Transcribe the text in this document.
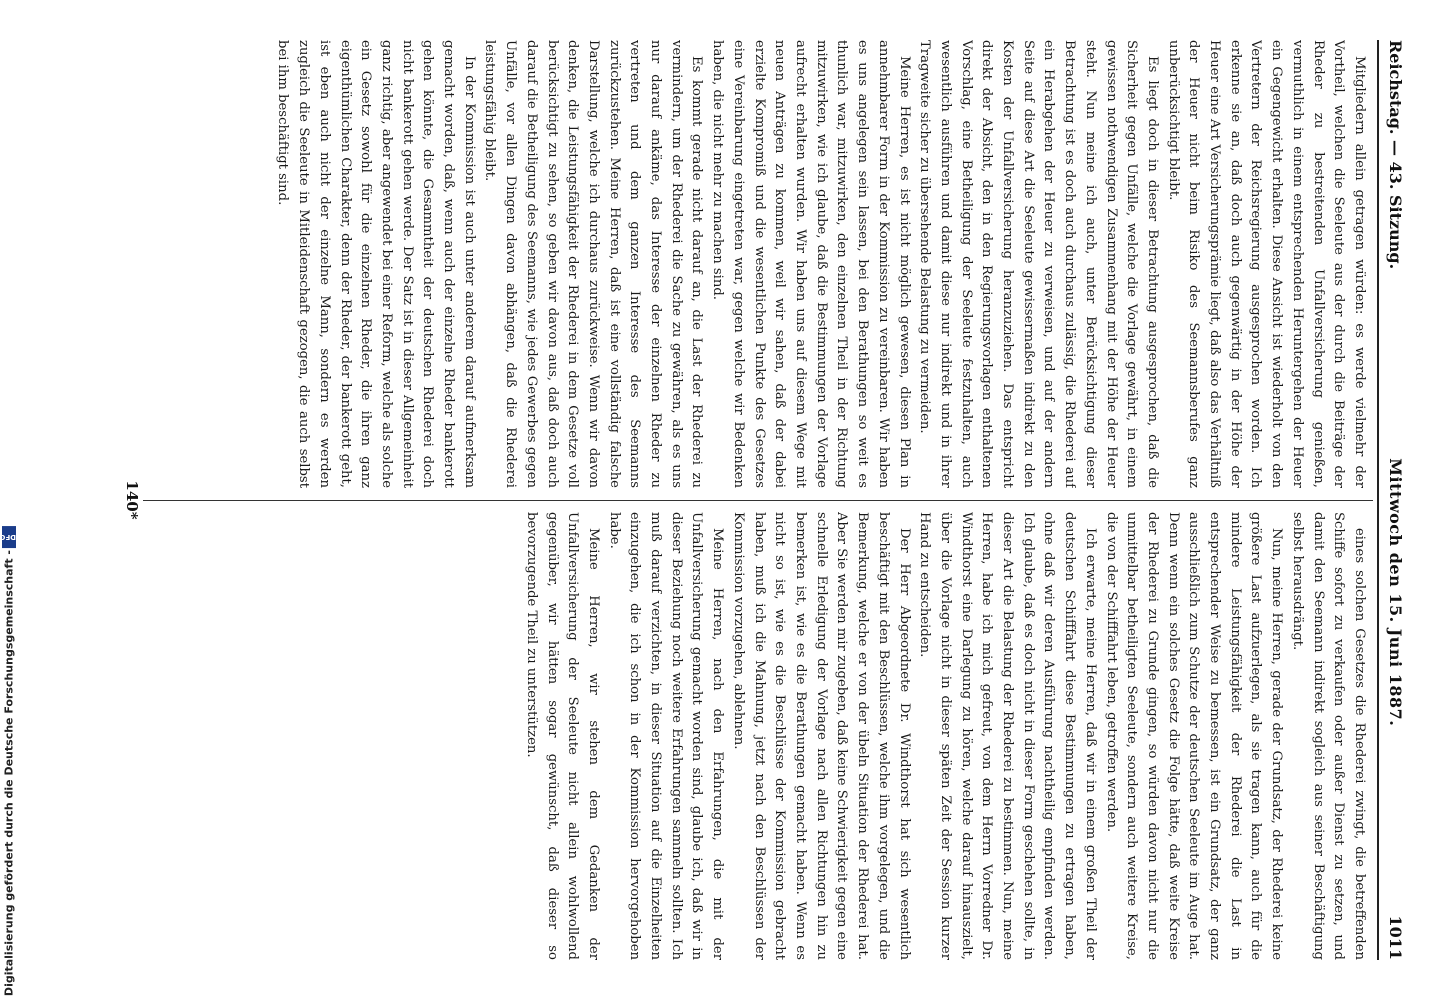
Reichstag. — 43. Sitzung.
Mittwoch den 15. Juni 1887.
1011

Mitgliedern allein getragen würden: es werde vielmehr der Vortheil, welchen die Seeleute aus der durch die Beiträge der Rheder zu bestreitenden Unfallversicherung genießen, vermuthlich in einem entsprechenden Heruntergehen der Heuer ein Gegengewicht erhalten. Diese Ansicht ist wiederholt von den Vertretern der Reichsregierung ausgesprochen worden. Ich erkenne sie an, daß doch auch gegenwärtig in der Höhe der Heuer eine Art Versicherungsprämie liegt, daß also das Verhältniß der Heuer nicht beim Risiko des Seemannsberufes ganz unberücksichtigt bleibt.

Es liegt doch in dieser Betrachtung ausgesprochen, daß die Sicherheit gegen Unfälle, welche die Vorlage gewährt, in einem gewissen nothwendigen Zusammenhang mit der Höhe der Heuer steht. Nun meine ich auch, unter Berücksichtigung dieser Betrachtung ist es doch auch durchaus zulässig, die Rhederei auf ein Herabgehen der Heuer zu verweisen, und auf der andern Seite auf diese Art die Seeleute gewissermaßen indirekt zu den Kosten der Unfallversicherung heranzuziehen. Das entspricht direkt der Absicht, den in den Regierungsvorlagen enthaltenen Vorschlag, eine Betheiligung der Seeleute festzuhalten, auch wesentlich ausführen und damit diese nur indirekt und in ihrer Tragweite sicher zu übersehende Belastung zu vermeiden.

Meine Herren, es ist nicht möglich gewesen, diesen Plan in annehmbarer Form in der Kommission zu vereinbaren. Wir haben es uns angelegen sein lassen, bei den Berathungen so weit es thunlich war, mitzuwirken, den einzelnen Theil in der Richtung mitzuwirken, wie ich glaube, daß die Bestimmungen der Vorlage aufrecht erhalten wurden. Wir haben uns auf diesem Wege mit neuen Anträgen zu kommen, weil wir sahen, daß der dabei erzielte Kompromiß und die wesentlichen Punkte des Gesetzes eine Vereinbarung eingetreten war, gegen welche wir Bedenken haben, die nicht mehr zu machen sind.

Es kommt gerade nicht darauf an, die Last der Rhederei zu vermindern, um der Rhederei die Sache zu gewähren, als es uns nur darauf ankäme, das Interesse der einzelnen Rheder zu vertreten und dem ganzen Interesse des Seemanns zurückzustehen. Meine Herren, daß ist eine vollständig falsche Darstellung, welche ich durchaus zurückweise. Wenn wir davon denken, die Leistungsfähigkeit der Rhederei in dem Gesetze voll berücksichtigt zu sehen, so geben wir davon aus, daß doch auch darauf die Betheiligung des Seemanns, wie jedes Gewerbes gegen Unfälle, vor allen Dingen davon abhängen, daß die Rhederei leistungsfähig bleibt.

In der Kommission ist auch unter anderem darauf aufmerksam gemacht worden, daß, wenn auch der einzelne Rheder bankerott gehen könnte, die Gesammtheit der deutschen Rhederei doch nicht bankerott gehen werde. Der Satz ist in dieser Allgemeinheit ganz richtig, aber angewendet bei einer Reform, welche als solche ein Gesetz sowohl für die einzelnen Rheder, die ihren ganz eigenthümlichen Charakter, denn der Rheder, der bankerott geht, ist eben auch nicht der einzelne Mann, sondern es werden zugleich die Seeleute in Mitleidenschaft gezogen, die auch selbst bei ihm beschäftigt sind.

eines solchen Gesetzes die Rhederei zwingt, die betreffenden Schiffe sofort zu verkaufen oder außer Dienst zu setzen, und damit den Seemann indirekt sogleich aus seiner Beschäftigung selbst herausdrängt.

Nun, meine Herren, gerade der Grundsatz, der Rhederei keine größere Last aufzuerlegen, als sie tragen kann, auch für die mindere Leistungsfähigkeit der Rhederei die Last in entsprechender Weise zu bemessen, ist ein Grundsatz, der ganz ausschließlich zum Schutze der deutschen Seeleute im Auge hat. Denn wenn ein solches Gesetz die Folge hätte, daß weite Kreise der Rhederei zu Grunde gingen, so würden davon nicht nur die unmittelbar betheiligten Seeleute, sondern auch weitere Kreise, die von der Schifffahrt leben, getroffen werden.

Ich erwarte, meine Herren, daß wir in einem großen Theil der deutschen Schifffahrt diese Bestimmungen zu ertragen haben, ohne daß wir deren Ausführung nachtheilig empfinden werden. Ich glaube, daß es doch nicht in dieser Form geschehen sollte, in dieser Art die Belastung der Rhederei zu bestimmen. Nun, meine Herren, habe ich mich gefreut, von dem Herrn Vorredner Dr. Windthorst eine Darlegung zu hören, welche darauf hinauszielt, über die Vorlage nicht in dieser späten Zeit der Session kurzer Hand zu entscheiden.

Der Herr Abgeordnete Dr. Windthorst hat sich wesentlich beschäftigt mit den Beschlüssen, welche ihm vorgelegen, und die Bemerkung, welche er von der übeln Situation der Rhederei hat. Aber Sie werden mir zugeben, daß keine Schwierigkeit gegen eine schnelle Erledigung der Vorlage nach allen Richtungen hin zu bemerken ist, wie es die Berathungen gemacht haben. Wenn es nicht so ist, wie es die Beschlüsse der Kommission gebracht haben, muß ich die Mahnung, jetzt nach den Beschlüssen der Kommission vorzugehen, ablehnen.

Meine Herren, nach den Erfahrungen, die mit der Unfallversicherung gemacht worden sind, glaube ich, daß wir in dieser Beziehung noch weitere Erfahrungen sammeln sollten. Ich muß darauf verzichten, in dieser Situation auf die Einzelheiten einzugehen, die ich schon in der Kommission hervorgehoben habe.

Meine Herren, wir stehen dem Gedanken der Unfallversicherung der Seeleute nicht allein wohlwollend gegenüber, wir hätten sogar gewünscht, daß dieser so bevorzugende Theil zu unterstützen.

140*
Digitalisierung gefördert durch die Deutsche Forschungsgemeinschaft -
DFG
